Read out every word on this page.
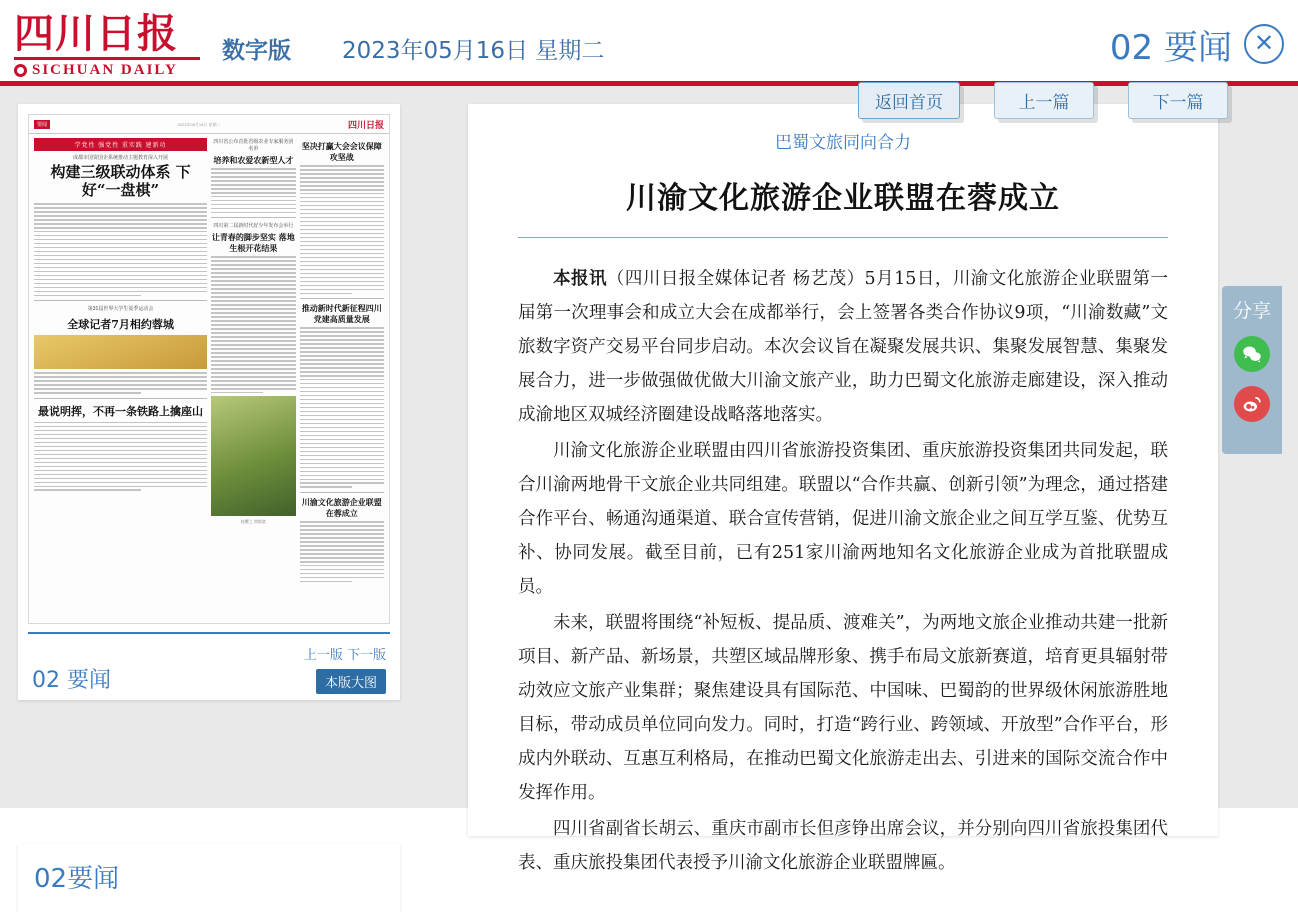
四川日报
SICHUAN DAILY
数字版 2023年05月16日 星期二	02 要闻 ✕
返回首页	上一篇	下一篇
要闻	2023年05月16日 星期二	四川日报
学党性 强党性 重实践 建新功
成都市国资国企系统推动主题教育深入开展
构建三级联动体系 下好“一盘棋”
第31届世界大学生夏季运动会
全球记者7月相约蓉城
最说明挥，不再一条铁路上擒座山
四川省公布首批省级农业专家服务团名单
培养和农爱农新型人才
四川第二届新时代好少年发布会举行
让青春的脚步坚实 落地生根开花结果
桂樱之 湾郁富
坚决打赢大会会议保障攻坚战
推动新时代新征程四川党建高质量发展
川渝文化旅游企业联盟在蓉成立
02 要闻
上一版 下一版
本版大图
02要闻
巴蜀文旅同向合力
川渝文化旅游企业联盟在蓉成立

本报讯（四川日报全媒体记者 杨艺茂）5月15日，川渝文化旅游企业联盟第一届第一次理事会和成立大会在成都举行，会上签署各类合作协议9项，“川渝数藏”文旅数字资产交易平台同步启动。本次会议旨在凝聚发展共识、集聚发展智慧、集聚发展合力，进一步做强做优做大川渝文旅产业，助力巴蜀文化旅游走廊建设，深入推动成渝地区双城经济圈建设战略落地落实。

川渝文化旅游企业联盟由四川省旅游投资集团、重庆旅游投资集团共同发起，联合川渝两地骨干文旅企业共同组建。联盟以“合作共赢、创新引领”为理念，通过搭建合作平台、畅通沟通渠道、联合宣传营销，促进川渝文旅企业之间互学互鉴、优势互补、协同发展。截至目前，已有251家川渝两地知名文化旅游企业成为首批联盟成员。

未来，联盟将围绕“补短板、提品质、渡难关”，为两地文旅企业推动共建一批新项目、新产品、新场景，共塑区域品牌形象、携手布局文旅新赛道，培育更具辐射带动效应文旅产业集群；聚焦建设具有国际范、中国味、巴蜀韵的世界级休闲旅游胜地目标，带动成员单位同向发力。同时，打造“跨行业、跨领域、开放型”合作平台，形成内外联动、互惠互利格局，在推动巴蜀文化旅游走出去、引进来的国际交流合作中发挥作用。

四川省副省长胡云、重庆市副市长但彦铮出席会议，并分别向四川省旅投集团代表、重庆旅投集团代表授予川渝文化旅游企业联盟牌匾。

分享
